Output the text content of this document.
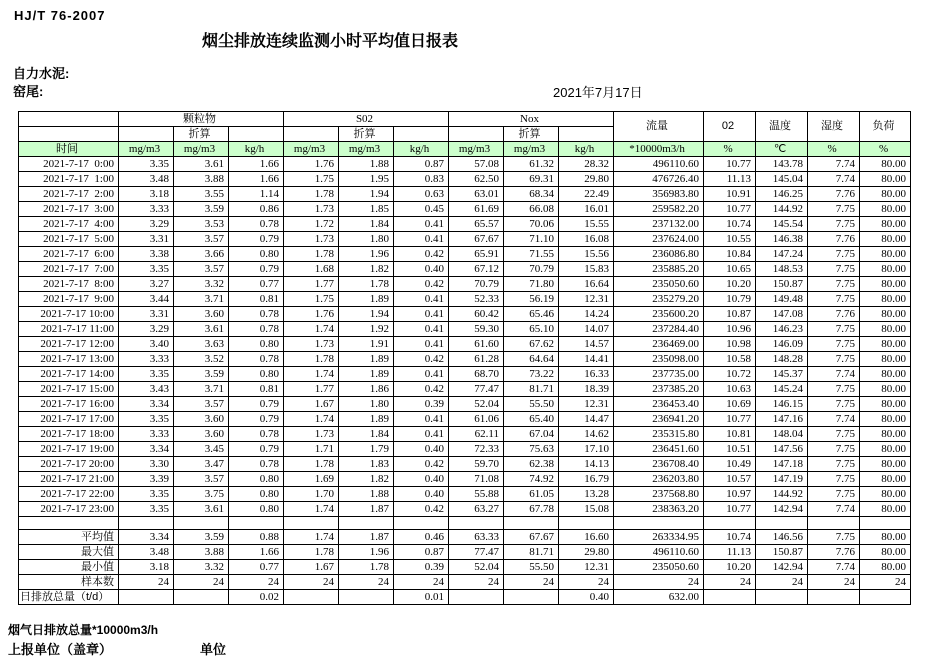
HJ/T 76-2007
烟尘排放连续监测小时平均值日报表
自力水泥:
窑尾:	2021年7月17日
	颗粒物			S02			Nox			流量	02	温度	湿度	负荷
		折算			折算			折算						
时间	mg/m3	mg/m3	kg/h	mg/m3	mg/m3	kg/h	mg/m3	mg/m3	kg/h	*10000m3/h	%	℃	%	%
2021-7-17  0:00	3.35	3.61	1.66	1.76	1.88	0.87	57.08	61.32	28.32	496110.60	10.77	143.78	7.74	80.00
2021-7-17  1:00	3.48	3.88	1.66	1.75	1.95	0.83	62.50	69.31	29.80	476726.40	11.13	145.04	7.74	80.00
2021-7-17  2:00	3.18	3.55	1.14	1.78	1.94	0.63	63.01	68.34	22.49	356983.80	10.91	146.25	7.76	80.00
2021-7-17  3:00	3.33	3.59	0.86	1.73	1.85	0.45	61.69	66.08	16.01	259582.20	10.77	144.92	7.75	80.00
2021-7-17  4:00	3.29	3.53	0.78	1.72	1.84	0.41	65.57	70.06	15.55	237132.00	10.74	145.54	7.75	80.00
2021-7-17  5:00	3.31	3.57	0.79	1.73	1.80	0.41	67.67	71.10	16.08	237624.00	10.55	146.38	7.76	80.00
2021-7-17  6:00	3.38	3.66	0.80	1.78	1.96	0.42	65.91	71.55	15.56	236086.80	10.84	147.24	7.75	80.00
2021-7-17  7:00	3.35	3.57	0.79	1.68	1.82	0.40	67.12	70.79	15.83	235885.20	10.65	148.53	7.75	80.00
2021-7-17  8:00	3.27	3.32	0.77	1.77	1.78	0.42	70.79	71.80	16.64	235050.60	10.20	150.87	7.75	80.00
2021-7-17  9:00	3.44	3.71	0.81	1.75	1.89	0.41	52.33	56.19	12.31	235279.20	10.79	149.48	7.75	80.00
2021-7-17 10:00	3.31	3.60	0.78	1.76	1.94	0.41	60.42	65.46	14.24	235600.20	10.87	147.08	7.76	80.00
2021-7-17 11:00	3.29	3.61	0.78	1.74	1.92	0.41	59.30	65.10	14.07	237284.40	10.96	146.23	7.75	80.00
2021-7-17 12:00	3.40	3.63	0.80	1.73	1.91	0.41	61.60	67.62	14.57	236469.00	10.98	146.09	7.75	80.00
2021-7-17 13:00	3.33	3.52	0.78	1.78	1.89	0.42	61.28	64.64	14.41	235098.00	10.58	148.28	7.75	80.00
2021-7-17 14:00	3.35	3.59	0.80	1.74	1.89	0.41	68.70	73.22	16.33	237735.00	10.72	145.37	7.74	80.00
2021-7-17 15:00	3.43	3.71	0.81	1.77	1.86	0.42	77.47	81.71	18.39	237385.20	10.63	145.24	7.75	80.00
2021-7-17 16:00	3.34	3.57	0.79	1.67	1.80	0.39	52.04	55.50	12.31	236453.40	10.69	146.15	7.75	80.00
2021-7-17 17:00	3.35	3.60	0.79	1.74	1.89	0.41	61.06	65.40	14.47	236941.20	10.77	147.16	7.74	80.00
2021-7-17 18:00	3.33	3.60	0.78	1.73	1.84	0.41	62.11	67.04	14.62	235315.80	10.81	148.04	7.75	80.00
2021-7-17 19:00	3.34	3.45	0.79	1.71	1.79	0.40	72.33	75.63	17.10	236451.60	10.51	147.56	7.75	80.00
2021-7-17 20:00	3.30	3.47	0.78	1.78	1.83	0.42	59.70	62.38	14.13	236708.40	10.49	147.18	7.75	80.00
2021-7-17 21:00	3.39	3.57	0.80	1.69	1.82	0.40	71.08	74.92	16.79	236203.80	10.57	147.19	7.75	80.00
2021-7-17 22:00	3.35	3.75	0.80	1.70	1.88	0.40	55.88	61.05	13.28	237568.80	10.97	144.92	7.75	80.00
2021-7-17 23:00	3.35	3.61	0.80	1.74	1.87	0.42	63.27	67.78	15.08	238363.20	10.77	142.94	7.74	80.00

平均值	3.34	3.59	0.88	1.74	1.87	0.46	63.33	67.67	16.60	263334.95	10.74	146.56	7.75	80.00
最大值	3.48	3.88	1.66	1.78	1.96	0.87	77.47	81.71	29.80	496110.60	11.13	150.87	7.76	80.00
最小值	3.18	3.32	0.77	1.67	1.78	0.39	52.04	55.50	12.31	235050.60	10.20	142.94	7.74	80.00
样本数	24	24	24	24	24	24	24	24	24	24	24	24	24	24
日排放总量（t/d）			0.02			0.01			0.40	632.00				
烟气日排放总量*10000m3/h
上报单位（盖章）	单位
